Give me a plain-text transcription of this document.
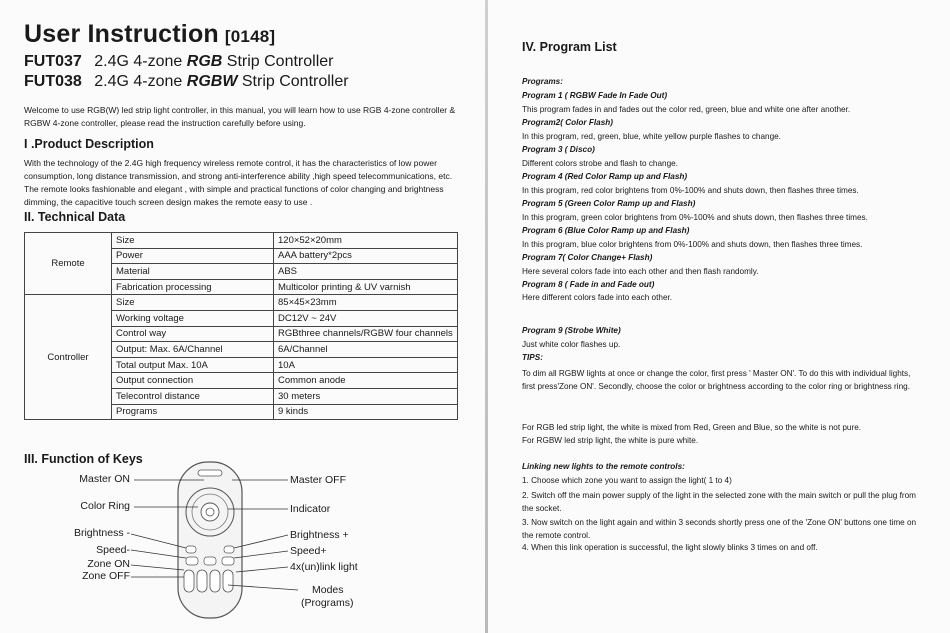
User Instruction [0148]
FUT037 2.4G 4-zone RGB Strip Controller
FUT038 2.4G 4-zone RGBW Strip Controller
Welcome to use RGB(W) led strip light controller, in this manual, you will learn how to use RGB 4-zone controller & RGBW 4-zone controller, please read the instruction carefully before using.
I .Product Description
With the technology of the 2.4G high frequency wireless remote control, it has the characteristics of low power consumption, long distance transmission, and strong anti-interference ability ,high speed telecommunications, etc. The remote looks fashionable and elegant , with simple and practical functions of color changing and brightness dimming, the capacitive touch screen design makes the remote easy to use .
II. Technical Data
Remote	Size	120×52×20mm
	Power	AAA battery*2pcs
	Material	ABS
	Fabrication processing	Multicolor printing & UV varnish
Controller	Size	85×45×23mm
	Working voltage	DC12V ~ 24V
	Control way	RGBthree channels/RGBW four channels
	Output: Max. 6A/Channel	6A/Channel
	Total output Max. 10A	10A
	Output connection	Common anode
	Telecontrol distance	30 meters
	Programs	9 kinds
III. Function of Keys
Master ON
Color Ring
Brightness -
Speed-
Zone ON
Zone OFF
Master OFF
Indicator
Brightness +
Speed+
4x(un)link light
Modes
(Programs)
IV. Program List
Programs:
Program 1 ( RGBW Fade In Fade Out)
This program fades in and fades out the color red, green, blue and white one after another.
Program2( Color Flash)
In this program, red, green, blue, white yellow purple flashes to change.
Program 3 ( Disco)
Different colors strobe and flash to change.
Program 4 (Red Color Ramp up and Flash)
In this program, red color brightens from 0%-100% and shuts down, then flashes three times.
Program 5 (Green Color Ramp up and Flash)
In this program, green color brightens from 0%-100% and shuts down, then flashes three times.
Program 6 (Blue Color Ramp up and Flash)
In this program, blue color brightens from 0%-100% and shuts down, then flashes three times.
Program 7( Color Change+ Flash)
Here several colors fade into each other and then flash randomly.
Program 8 ( Fade in and Fade out)
Here different colors fade into each other.
Program 9 (Strobe White)
Just white color flashes up.
TIPS:
To dim all RGBW lights at once or change the color, first press ' Master ON'. To do this with individual lights, first press'Zone ON'. Secondly, choose the color or brightness according to the color ring or brightness ring.
For RGB led strip light, the white is mixed from Red, Green and Blue, so the white is not pure.
For RGBW led strip light, the white is pure white.
Linking new lights to the remote controls:
1. Choose which zone you want to assign the light( 1 to 4)
2. Switch off the main power supply of the light in the selected zone with the main switch or pull the plug from the socket.
3. Now switch on the light again and within 3 seconds shortly press one of the 'Zone ON' buttons one time on the remote control.
4. When this link operation is successful, the light slowly blinks 3 times on and off.
